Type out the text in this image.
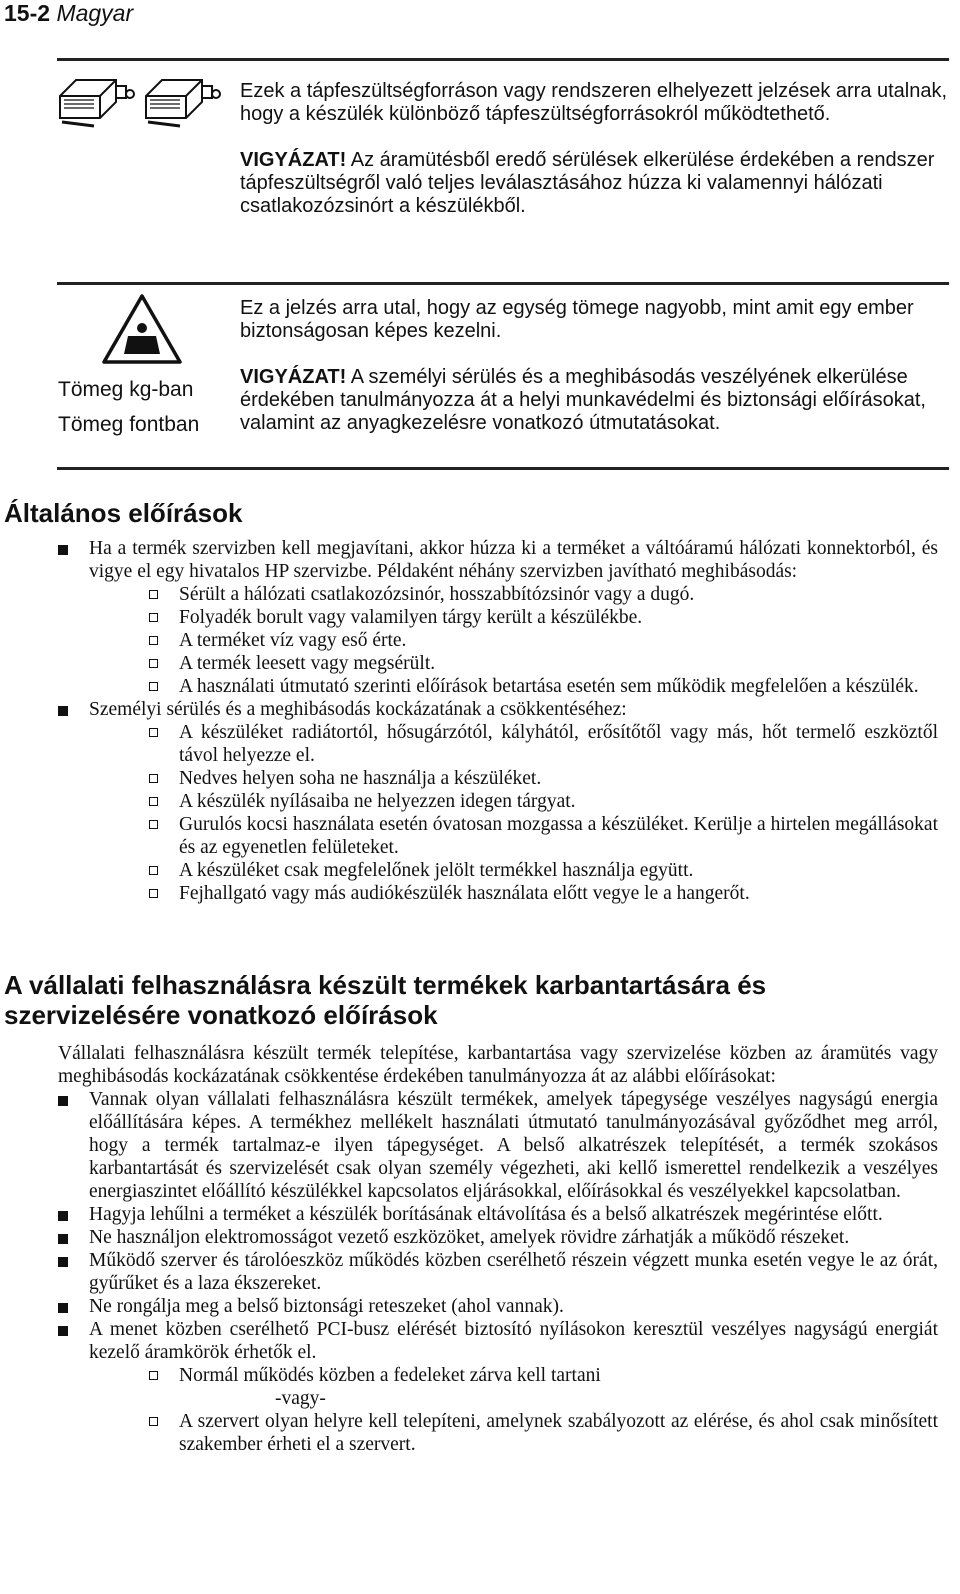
15-2 Magyar

Ezek a tápfeszültségforráson vagy rendszeren elhelyezett jelzések arra utalnak, hogy a készülék különböző tápfeszültségforrásokról működtethető.

VIGYÁZAT! Az áramütésből eredő sérülések elkerülése érdekében a rendszer tápfeszültségről való teljes leválasztásához húzza ki valamennyi hálózati csatlakozózsinórt a készülékből.

Tömeg kg-ban
Tömeg fontban

Ez a jelzés arra utal, hogy az egység tömege nagyobb, mint amit egy ember biztonságosan képes kezelni.

VIGYÁZAT! A személyi sérülés és a meghibásodás veszélyének elkerülése érdekében tanulmányozza át a helyi munkavédelmi és biztonsági előírásokat, valamint az anyagkezelésre vonatkozó útmutatásokat.

Általános előírások
Ha a termék szervizben kell megjavítani, akkor húzza ki a terméket a váltóáramú hálózati konnektorból, és vigye el egy hivatalos HP szervizbe. Példaként néhány szervizben javítható meghibásodás:
Sérült a hálózati csatlakozózsinór, hosszabbítózsinór vagy a dugó.
Folyadék borult vagy valamilyen tárgy került a készülékbe.
A terméket víz vagy eső érte.
A termék leesett vagy megsérült.
A használati útmutató szerinti előírások betartása esetén sem működik megfelelően a készülék.
Személyi sérülés és a meghibásodás kockázatának a csökkentéséhez:
A készüléket radiátortól, hősugárzótól, kályhától, erősítőtől vagy más, hőt termelő eszköztől távol helyezze el.
Nedves helyen soha ne használja a készüléket.
A készülék nyílásaiba ne helyezzen idegen tárgyat.
Gurulós kocsi használata esetén óvatosan mozgassa a készüléket. Kerülje a hirtelen megállásokat és az egyenetlen felületeket.
A készüléket csak megfelelőnek jelölt termékkel használja együtt.
Fejhallgató vagy más audiókészülék használata előtt vegye le a hangerőt.
A vállalati felhasználásra készült termékek karbantartására és szervizelésére vonatkozó előírások
Vállalati felhasználásra készült termék telepítése, karbantartása vagy szervizelése közben az áramütés vagy meghibásodás kockázatának csökkentése érdekében tanulmányozza át az alábbi előírásokat:
Vannak olyan vállalati felhasználásra készült termékek, amelyek tápegysége veszélyes nagyságú energia előállítására képes. A termékhez mellékelt használati útmutató tanulmányozásával győződhet meg arról, hogy a termék tartalmaz-e ilyen tápegységet. A belső alkatrészek telepítését, a termék szokásos karbantartását és szervizelését csak olyan személy végezheti, aki kellő ismerettel rendelkezik a veszélyes energiaszintet előállító készülékkel kapcsolatos eljárásokkal, előírásokkal és veszélyekkel kapcsolatban.
Hagyja lehűlni a terméket a készülék borításának eltávolítása és a belső alkatrészek megérintése előtt.
Ne használjon elektromosságot vezető eszközöket, amelyek rövidre zárhatják a működő részeket.
Működő szerver és tárolóeszköz működés közben cserélhető részein végzett munka esetén vegye le az órát, gyűrűket és a laza ékszereket.
Ne rongálja meg a belső biztonsági reteszeket (ahol vannak).
A menet közben cserélhető PCI-busz elérését biztosító nyílásokon keresztül veszélyes nagyságú energiát kezelő áramkörök érhetők el.
Normál működés közben a fedeleket zárva kell tartani
-vagy-
A szervert olyan helyre kell telepíteni, amelynek szabályozott az elérése, és ahol csak minősített szakember érheti el a szervert.
